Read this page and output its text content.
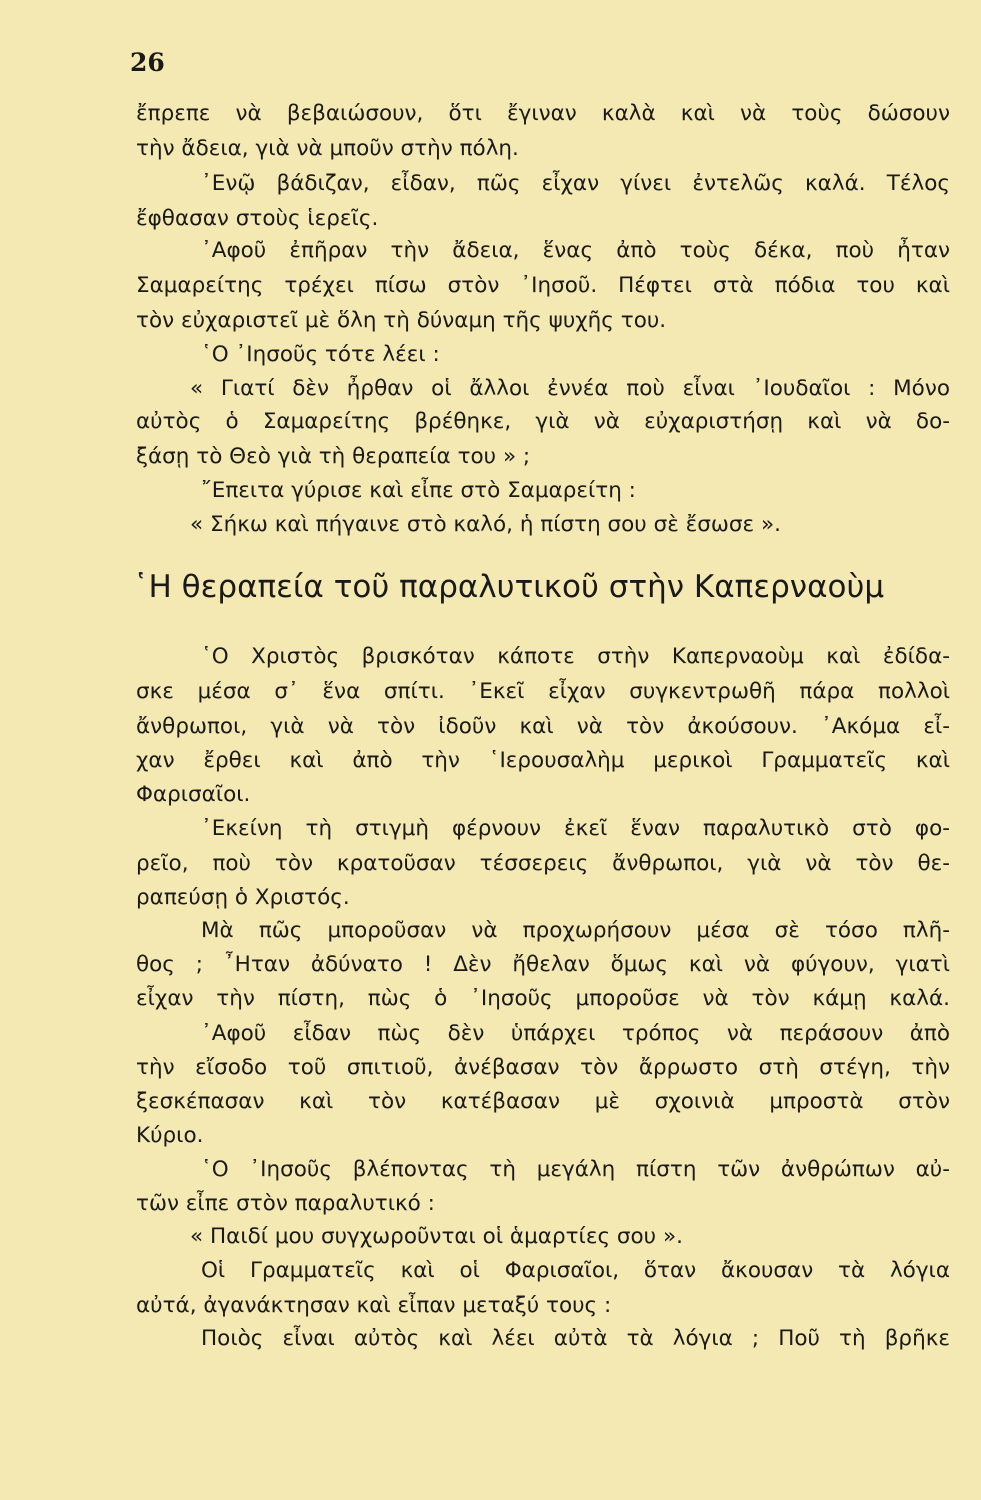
26
ἔπρεπε νὰ βεβαιώσουν, ὅτι ἔγιναν καλὰ καὶ νὰ τοὺς δώσουν
τὴν ἄδεια, γιὰ νὰ μποῦν στὴν πόλη.
᾿Ενῷ βάδιζαν, εἶδαν, πῶς εἶχαν γίνει ἐντελῶς καλά. Τέλος
ἔφθασαν στοὺς ἱερεῖς.
᾿Αφοῦ ἐπῆραν τὴν ἄδεια, ἕνας ἀπὸ τοὺς δέκα, ποὺ ἦταν
Σαμαρείτης τρέχει πίσω στὸν ᾿Ιησοῦ. Πέφτει στὰ πόδια του καὶ
τὸν εὐχαριστεῖ μὲ ὅλη τὴ δύναμη τῆς ψυχῆς του.
῾Ο ᾿Ιησοῦς τότε λέει :
« Γιατί δὲν ἦρθαν οἱ ἄλλοι ἐννέα ποὺ εἶναι ᾿Ιουδαῖοι : Μόνο
αὐτὸς ὁ Σαμαρείτης βρέθηκε, γιὰ νὰ εὐχαριστήσῃ καὶ νὰ δο-
ξάσῃ τὸ Θεὸ γιὰ τὴ θεραπεία του » ;
῎Επειτα γύρισε καὶ εἶπε στὸ Σαμαρείτη :
« Σήκω καὶ πήγαινε στὸ καλό, ἡ πίστη σου σὲ ἔσωσε ».
῾Η θεραπεία τοῦ παραλυτικοῦ στὴν Καπερναοὺμ
῾Ο Χριστὸς βρισκόταν κάποτε στὴν Καπερναοὺμ καὶ ἐδίδα-
σκε μέσα σ᾿ ἕνα σπίτι. ᾿Εκεῖ εἶχαν συγκεντρωθῆ πάρα πολλοὶ
ἄνθρωποι, γιὰ νὰ τὸν ἰδοῦν καὶ νὰ τὸν ἀκούσουν. ᾿Ακόμα εἶ-
χαν ἔρθει καὶ ἀπὸ τὴν ῾Ιερουσαλὴμ μερικοὶ Γραμματεῖς καὶ
Φαρισαῖοι.
᾿Εκείνη τὴ στιγμὴ φέρνουν ἐκεῖ ἕναν παραλυτικὸ στὸ φο-
ρεῖο, ποὺ τὸν κρατοῦσαν τέσσερεις ἄνθρωποι, γιὰ νὰ τὸν θε-
ραπεύσῃ ὁ Χριστός.
Μὰ πῶς μποροῦσαν νὰ προχωρήσουν μέσα σὲ τόσο πλῆ-
θος ; ῏Ηταν ἀδύνατο ! Δὲν ἤθελαν ὅμως καὶ νὰ φύγουν, γιατὶ
εἶχαν τὴν πίστη, πὼς ὁ ᾿Ιησοῦς μποροῦσε νὰ τὸν κάμῃ καλά.
᾿Αφοῦ εἶδαν πὼς δὲν ὑπάρχει τρόπος νὰ περάσουν ἀπὸ
τὴν εἴσοδο τοῦ σπιτιοῦ, ἀνέβασαν τὸν ἄρρωστο στὴ στέγη, τὴν
ξεσκέπασαν καὶ τὸν κατέβασαν μὲ σχοινιὰ μπροστὰ στὸν
Κύριο.
῾Ο ᾿Ιησοῦς βλέποντας τὴ μεγάλη πίστη τῶν ἀνθρώπων αὐ-
τῶν εἶπε στὸν παραλυτικό :
« Παιδί μου συγχωροῦνται οἱ ἁμαρτίες σου ».
Οἱ Γραμματεῖς καὶ οἱ Φαρισαῖοι, ὅταν ἄκουσαν τὰ λόγια
αὐτά, ἀγανάκτησαν καὶ εἶπαν μεταξύ τους :
Ποιὸς εἶναι αὐτὸς καὶ λέει αὐτὰ τὰ λόγια ; Ποῦ τὴ βρῆκε
